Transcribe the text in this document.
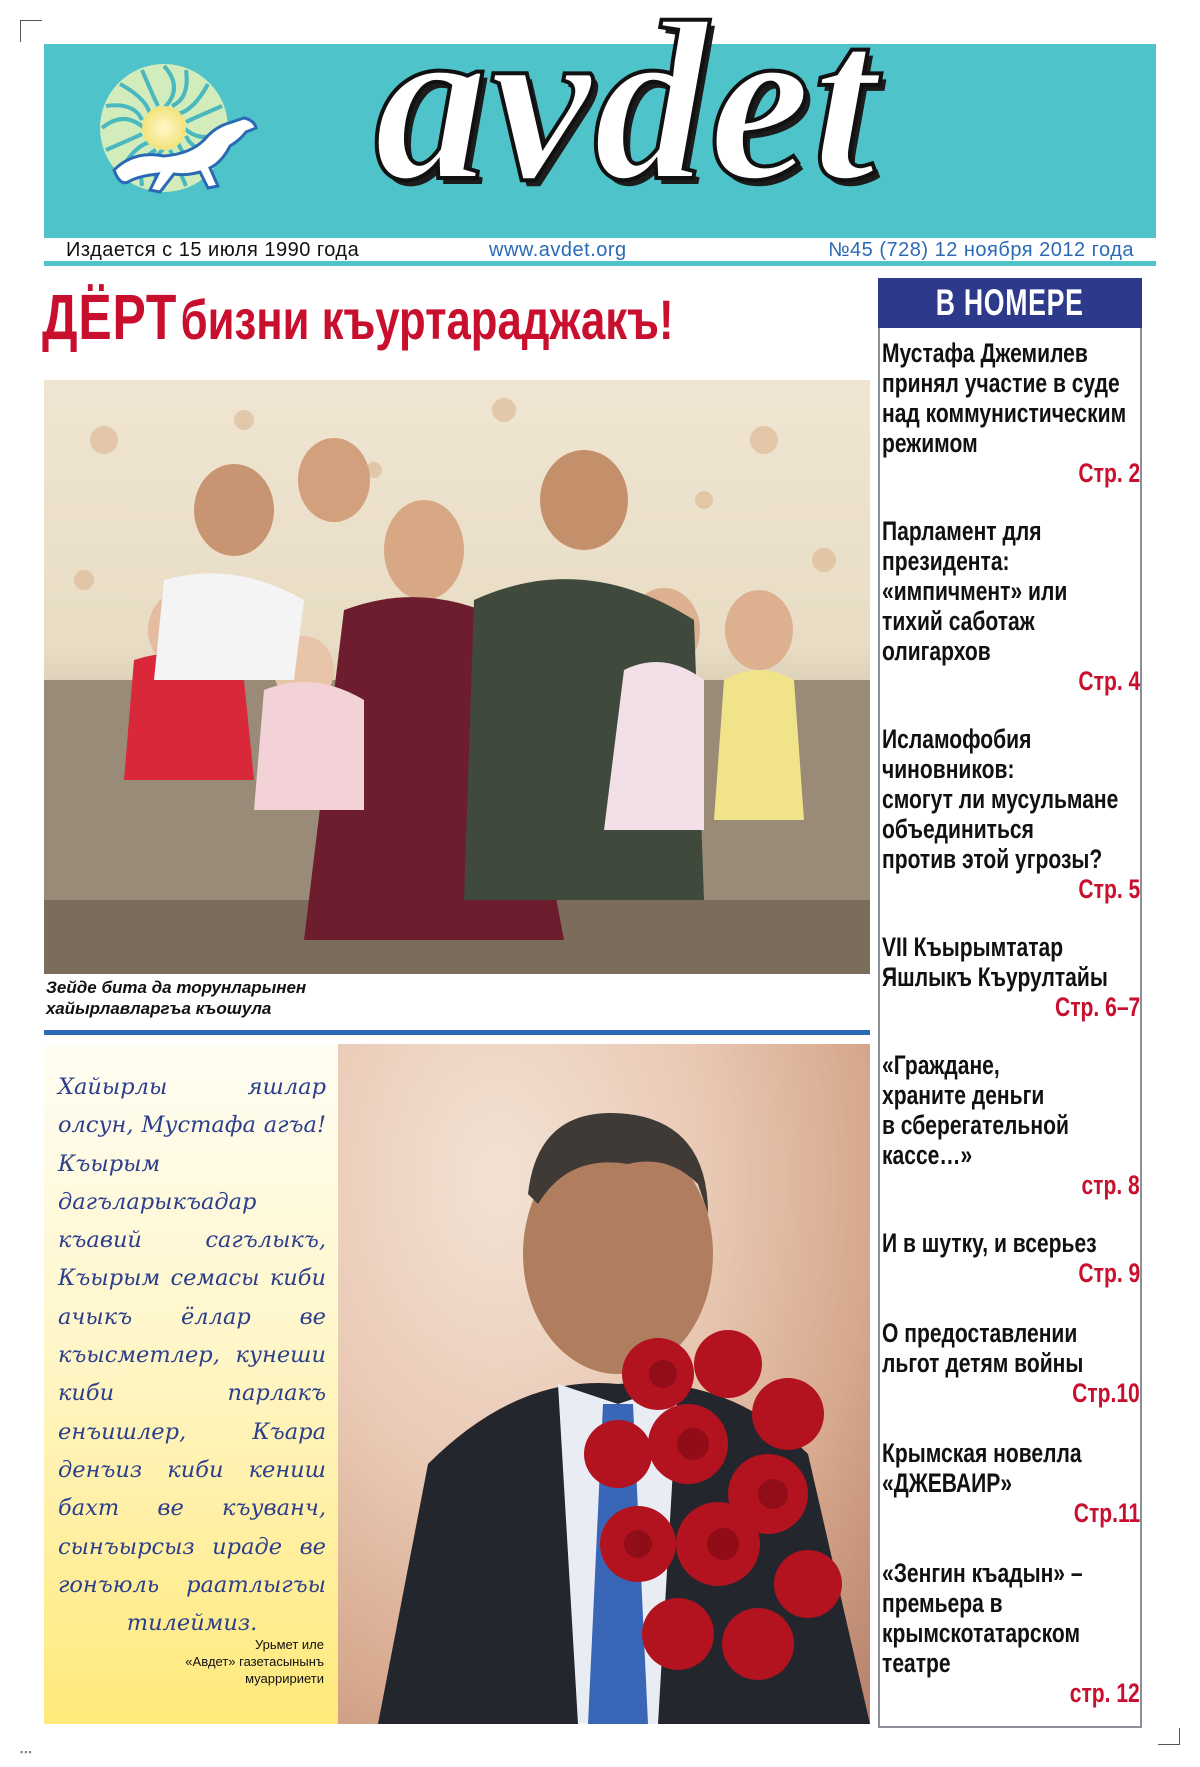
avdet
Издается с 15 июля 1990 года	www.avdet.org	№45 (728) 12 ноября 2012 года
ДЁРТ бизни къуртараджакъ!
Зейде бита да торунларынен
хайырлавларгъа къошула
Хайырлы яшлар олсун, Мустафа агъа! Къырым дагъларыкъадар къавий сагълыкъ, Къырым семасы киби ачыкъ ёллар ве къысметлер, кунеши киби парлакъ енъишлер, Къара денъиз киби кениш бахт ве къуванч, сынъырсыз ираде ве гонъюль раатлыгъы тилеймиз.
Урьмет иле
«Авдет» газетасынынъ
муарририети
Мустафа Джемилев
принял участие в суде
над коммунистическим
режимом
Стр. 2
Парламент для
президента:
«импичмент» или
тихий саботаж
олигархов
Стр. 4
Исламофобия
чиновников:
смогут ли мусульмане
объединиться
против этой угрозы?
Стр. 5
VII Къырымтатар
Яшлыкъ Къурултайы
Стр. 6–7
«Граждане,
храните деньги
в сберегательной
кассе…»
стр. 8
И в шутку, и всерьез
Стр. 9
О предоставлении
льгот детям войны
Стр.10
Крымская новелла
«ДЖЕВАИР»
Стр.11
«Зенгин къадын» –
премьера в
крымскотатарском
театре
стр. 12
В НОМЕРЕ
▪▪▪
